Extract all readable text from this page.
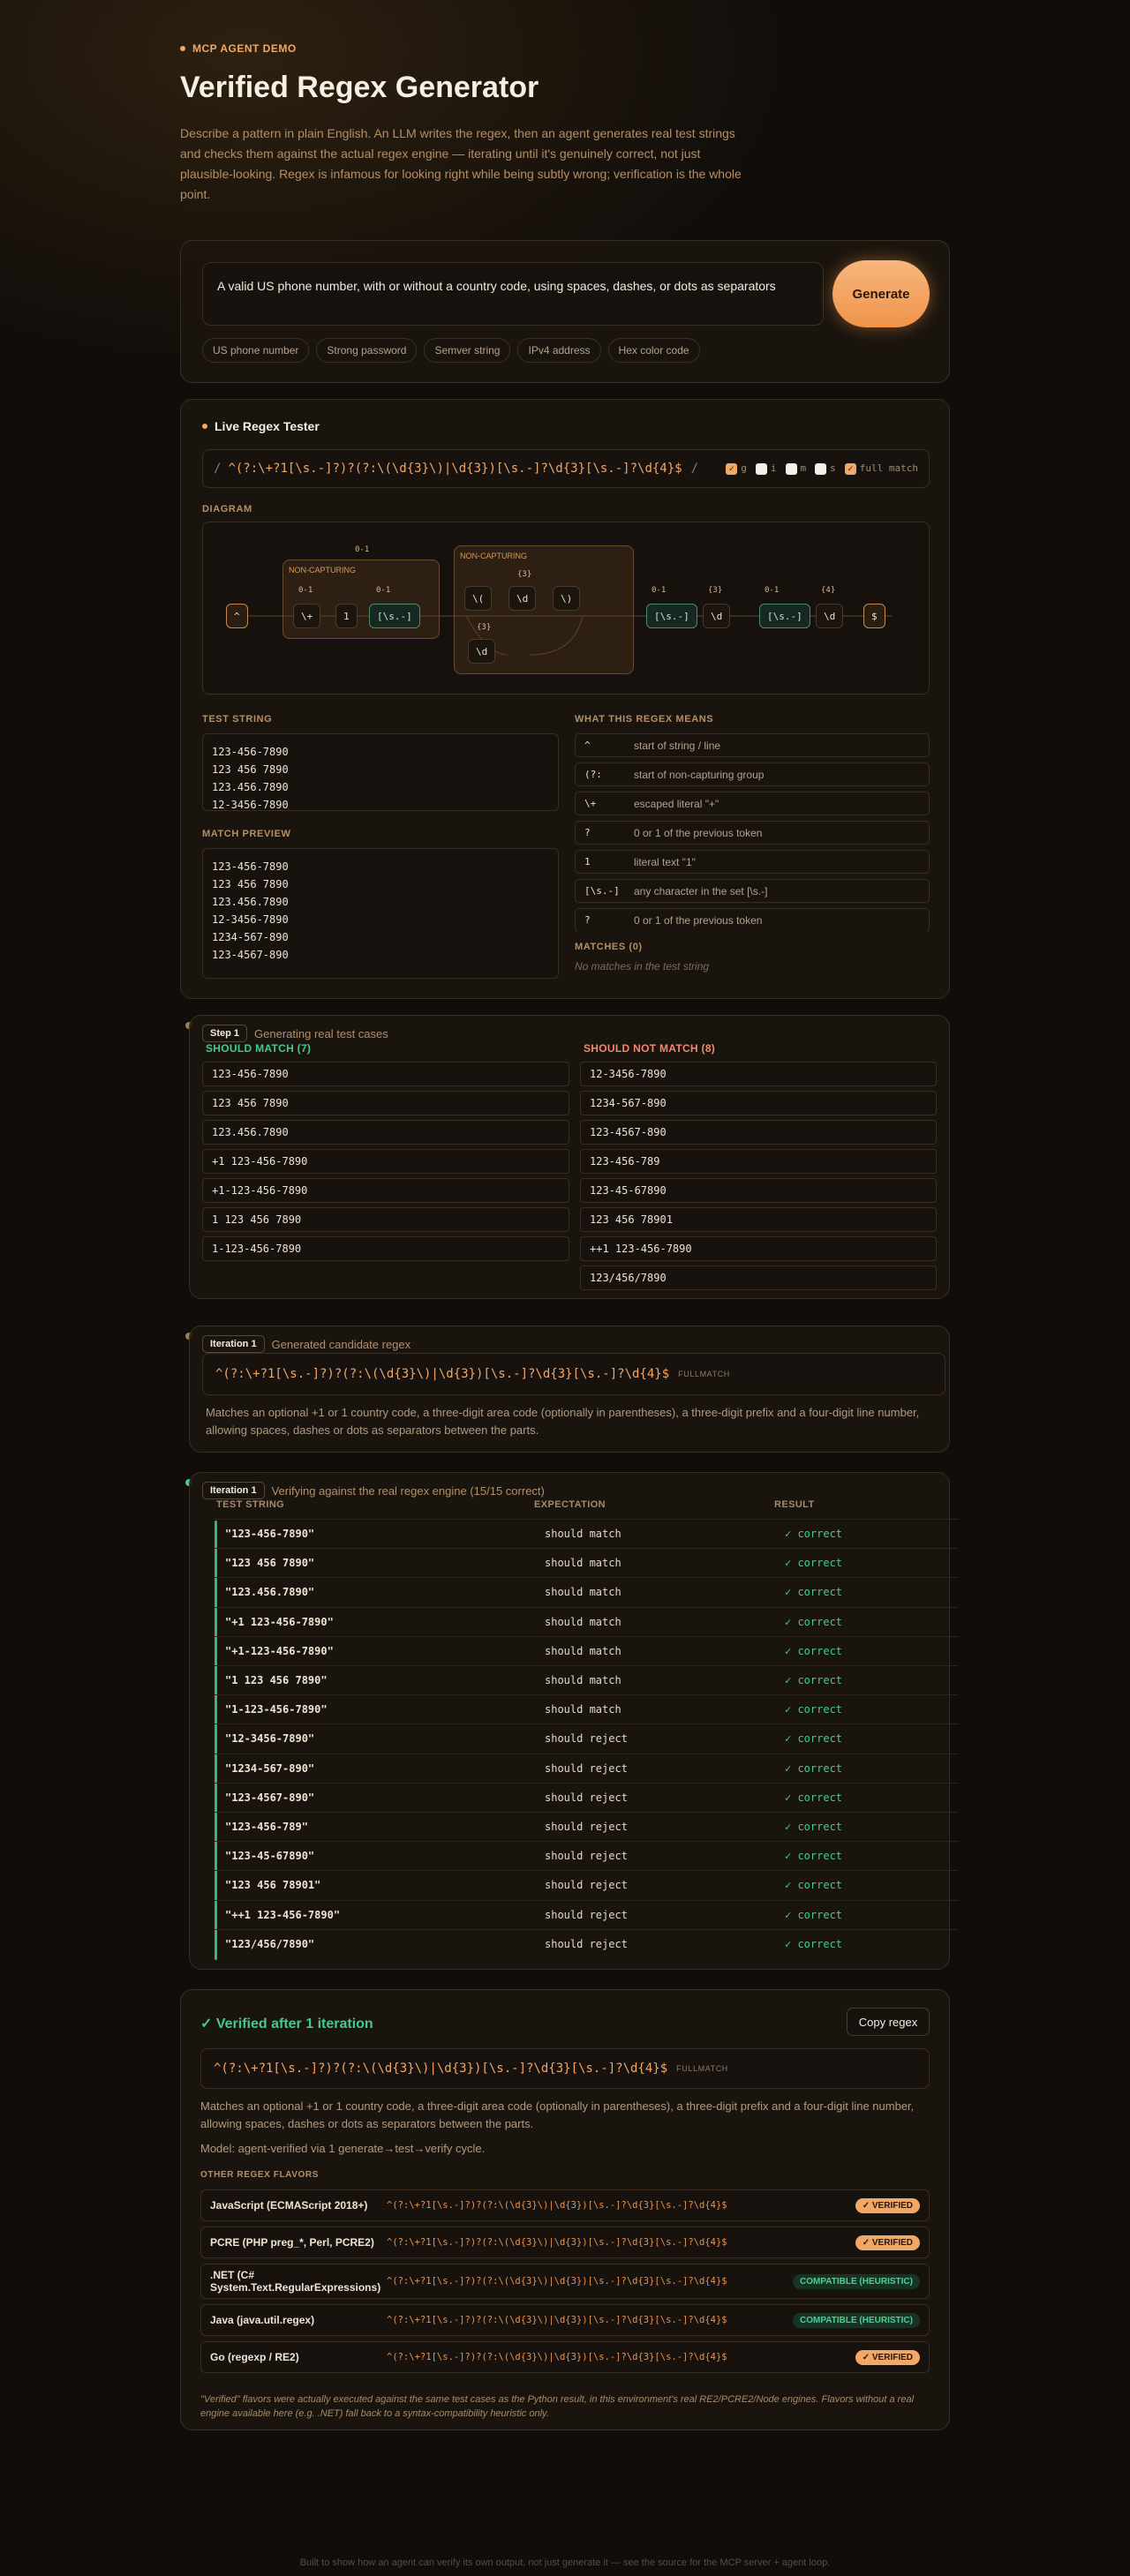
MCP AGENT DEMO
Verified Regex Generator
Describe a pattern in plain English. An LLM writes the regex, then an agent generates real test strings and checks them against the actual regex engine — iterating until it's genuinely correct, not just plausible-looking. Regex is infamous for looking right while being subtly wrong; verification is the whole point.
A valid US phone number, with or without a country code, using spaces, dashes, or dots as separators
Generate
US phone number	Strong password	Semver string	IPv4 address	Hex color code
Live Regex Tester
/ ^(?:\+?1[\s.-]?)?(?:\(\d{3}\)|\d{3})[\s.-]?\d{3}[\s.-]?\d{4}$ /	✓ g	i	m	s	✓ full match
DIAGRAM
NON-CAPTURING
NON-CAPTURING
0-1
0-1	0-1
{3}
{3}
0-1	{3}	0-1	{4}
^	\+	1	[\s.-]
\(	\d	\)
\d
[\s.-]	\d	[\s.-]	\d	$
TEST STRING
123-456-7890
123 456 7890
123.456.7890
12-3456-7890
MATCH PREVIEW
123-456-7890
123 456 7890
123.456.7890
12-3456-7890
1234-567-890
123-4567-890
WHAT THIS REGEX MEANS
^	start of string / line
(?:	start of non-capturing group
\+	escaped literal "+"
?	0 or 1 of the previous token
1	literal text "1"
[\s.-]	any character in the set [\s.-]
?	0 or 1 of the previous token
MATCHES (0)
No matches in the test string
Step 1	Generating real test cases
SHOULD MATCH (7)	SHOULD NOT MATCH (8)
123-456-7890
123 456 7890
123.456.7890
+1 123-456-7890
+1-123-456-7890
1 123 456 7890
1-123-456-7890
12-3456-7890
1234-567-890
123-4567-890
123-456-789
123-45-67890
123 456 78901
++1 123-456-7890
123/456/7890
Iteration 1	Generated candidate regex
^(?:\+?1[\s.-]?)?(?:\(\d{3}\)|\d{3})[\s.-]?\d{3}[\s.-]?\d{4}$ FULLMATCH
Matches an optional +1 or 1 country code, a three-digit area code (optionally in parentheses), a three-digit prefix and a four-digit line number, allowing spaces, dashes or dots as separators between the parts.
Iteration 1	Verifying against the real regex engine (15/15 correct)
TEST STRING	EXPECTATION	RESULT
"123-456-7890"	should match	✓ correct
"123 456 7890"	should match	✓ correct
"123.456.7890"	should match	✓ correct
"+1 123-456-7890"	should match	✓ correct
"+1-123-456-7890"	should match	✓ correct
"1 123 456 7890"	should match	✓ correct
"1-123-456-7890"	should match	✓ correct
"12-3456-7890"	should reject	✓ correct
"1234-567-890"	should reject	✓ correct
"123-4567-890"	should reject	✓ correct
"123-456-789"	should reject	✓ correct
"123-45-67890"	should reject	✓ correct
"123 456 78901"	should reject	✓ correct
"++1 123-456-7890"	should reject	✓ correct
"123/456/7890"	should reject	✓ correct
✓ Verified after 1 iteration	Copy regex
^(?:\+?1[\s.-]?)?(?:\(\d{3}\)|\d{3})[\s.-]?\d{3}[\s.-]?\d{4}$ FULLMATCH
Matches an optional +1 or 1 country code, a three-digit area code (optionally in parentheses), a three-digit prefix and a four-digit line number, allowing spaces, dashes or dots as separators between the parts.
Model: agent-verified via 1 generate→test→verify cycle.
OTHER REGEX FLAVORS
JavaScript (ECMAScript 2018+)	^(?:\+?1[\s.-]?)?(?:\(\d{3}\)|\d{3})[\s.-]?\d{3}[\s.-]?\d{4}$	✓ VERIFIED
PCRE (PHP preg_*, Perl, PCRE2)	^(?:\+?1[\s.-]?)?(?:\(\d{3}\)|\d{3})[\s.-]?\d{3}[\s.-]?\d{4}$	✓ VERIFIED
.NET (C# System.Text.RegularExpressions) ^(?:\+?1[\s.-]?)?(?:\(\d{3}\)|\d{3})[\s.-]?\d{3}[\s.-]?\d{4}$	COMPATIBLE (HEURISTIC)
Java (java.util.regex)	^(?:\+?1[\s.-]?)?(?:\(\d{3}\)|\d{3})[\s.-]?\d{3}[\s.-]?\d{4}$	COMPATIBLE (HEURISTIC)
Go (regexp / RE2)	^(?:\+?1[\s.-]?)?(?:\(\d{3}\)|\d{3})[\s.-]?\d{3}[\s.-]?\d{4}$	✓ VERIFIED
"Verified" flavors were actually executed against the same test cases as the Python result, in this environment's real RE2/PCRE2/Node engines. Flavors without a real engine available here (e.g. .NET) fall back to a syntax-compatibility heuristic only.
Built to show how an agent can verify its own output, not just generate it — see the source for the MCP server + agent loop.
